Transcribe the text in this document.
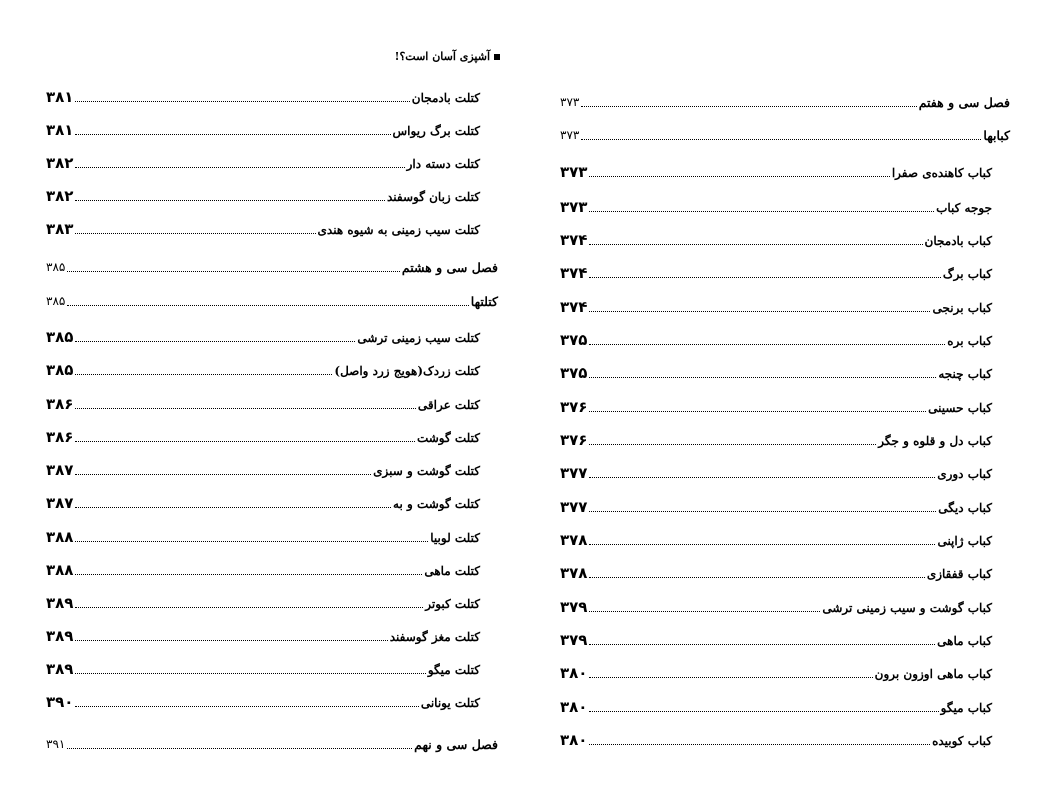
آشپزی آسان است؟!
کتلت بادمجان
۳۸۱
کتلت برگ ریواس
۳۸۱
کتلت دسته دار
۳۸۲
کتلت زبان گوسفند
۳۸۲
کتلت سیب زمینی به شیوه هندی
۳۸۳
فصل سی و هشتم
۳۸۵
کتلتها
۳۸۵
کتلت سیب زمینی ترشی
۳۸۵
کتلت زردک(هویج زرد واصل)
۳۸۵
کتلت عراقی
۳۸۶
کتلت گوشت
۳۸۶
کتلت گوشت و سبزی
۳۸۷
کتلت گوشت و به
۳۸۷
کتلت لوبیا
۳۸۸
کتلت ماهی
۳۸۸
کتلت کبوتر
۳۸۹
کتلت مغز گوسفند
۳۸۹
کتلت میگو
۳۸۹
کتلت یونانی
۳۹۰
فصل سی و نهم
۳۹۱
فصل سی و هفتم
۳۷۳
کبابها
۳۷۳
کباب کاهنده‌ی صفرا
۳۷۳
جوجه کباب
۳۷۳
کباب بادمجان
۳۷۴
کباب برگ
۳۷۴
کباب برنجی
۳۷۴
کباب بره
۳۷۵
کباب چنجه
۳۷۵
کباب حسینی
۳۷۶
کباب دل و قلوه و جگر
۳۷۶
کباب دوری
۳۷۷
کباب دیگی
۳۷۷
کباب ژاپنی
۳۷۸
کباب قفقازی
۳۷۸
کباب گوشت و سیب زمینی ترشی
۳۷۹
کباب ماهی
۳۷۹
کباب ماهی اوزون برون
۳۸۰
کباب میگو
۳۸۰
کباب کوبیده
۳۸۰
